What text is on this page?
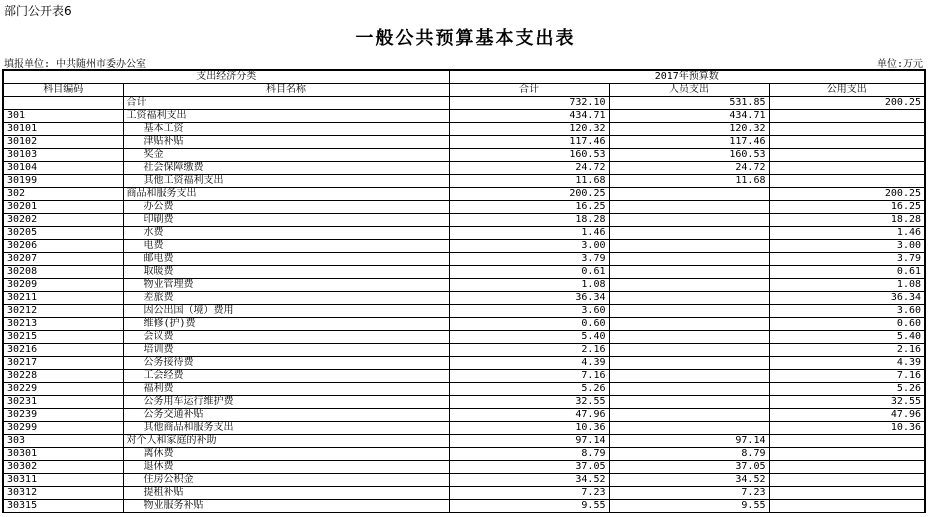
部门公开表6
一般公共预算基本支出表
填报单位: 中共随州市委办公室	单位:万元
支出经济分类		2017年预算数		
科目编码	科目名称	合计	人员支出	公用支出
	合计	732.10	531.85	200.25
301	工资福利支出	434.71	434.71	
30101	基本工资	120.32	120.32	
30102	津贴补贴	117.46	117.46	
30103	奖金	160.53	160.53	
30104	社会保障缴费	24.72	24.72	
30199	其他工资福利支出	11.68	11.68	
302	商品和服务支出	200.25		200.25
30201	办公费	16.25		16.25
30202	印刷费	18.28		18.28
30205	水费	1.46		1.46
30206	电费	3.00		3.00
30207	邮电费	3.79		3.79
30208	取暖费	0.61		0.61
30209	物业管理费	1.08		1.08
30211	差旅费	36.34		36.34
30212	因公出国（境）费用	3.60		3.60
30213	维修(护)费	0.60		0.60
30215	会议费	5.40		5.40
30216	培训费	2.16		2.16
30217	公务接待费	4.39		4.39
30228	工会经费	7.16		7.16
30229	福利费	5.26		5.26
30231	公务用车运行维护费	32.55		32.55
30239	公务交通补贴	47.96		47.96
30299	其他商品和服务支出	10.36		10.36
303	对个人和家庭的补助	97.14	97.14	
30301	离休费	8.79	8.79	
30302	退休费	37.05	37.05	
30311	住房公积金	34.52	34.52	
30312	提租补贴	7.23	7.23	
30315	物业服务补贴	9.55	9.55	
